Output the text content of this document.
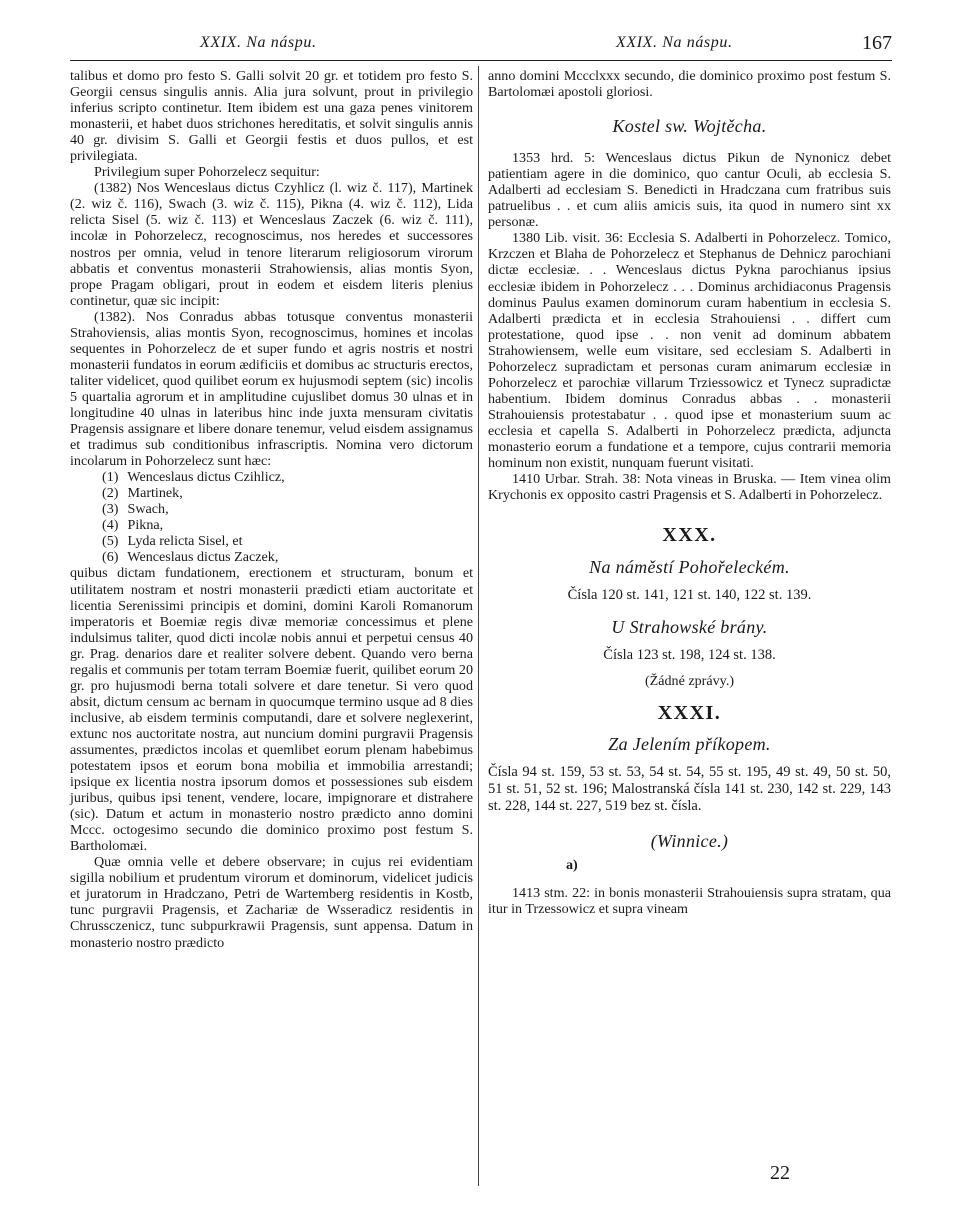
XXIX. Na náspu.	XXIX. Na náspu.	167

talibus et domo pro festo S. Galli solvit 20 gr. et totidem pro festo S. Georgii census singulis annis. Alia jura solvunt, prout in privilegio inferius scripto continetur. Item ibidem est una gaza penes vinitorem monasterii, et habet duos strichones hereditatis, et solvit singulis annis 40 gr. divisim S. Galli et Georgii festis et duos pullos, et est privilegiata.

Privilegium super Pohorzelecz sequitur:

(1382) Nos Wenceslaus dictus Czyhlicz (l. wiz č. 117), Martinek (2. wiz č. 116), Swach (3. wiz č. 115), Pikna (4. wiz č. 112), Lida relicta Sisel (5. wiz č. 113) et Wenceslaus Zaczek (6. wiz č. 111), incolæ in Pohorzelecz, recognoscimus, nos heredes et successores nostros per omnia, velud in tenore literarum religiosorum virorum abbatis et conventus monasterii Strahowiensis, alias montis Syon, prope Pragam obligari, prout in eodem et eisdem literis plenius continetur, quæ sic incipit:

(1382). Nos Conradus abbas totusque conventus monasterii Strahoviensis, alias montis Syon, recognoscimus, homines et incolas sequentes in Pohorzelecz de et super fundo et agris nostris et nostri monasterii fundatos in eorum ædificiis et domibus ac structuris erectos, taliter videlicet, quod quilibet eorum ex hujusmodi septem (sic) incolis 5 quartalia agrorum et in amplitudine cujuslibet domus 30 ulnas et in longitudine 40 ulnas in lateribus hinc inde juxta mensuram civitatis Pragensis assignare et libere donare tenemur, velud eisdem assignamus et tradimus sub conditionibus infrascriptis. Nomina vero dictorum incolarum in Pohorzelecz sunt hæc:

(1) Wenceslaus dictus Czihlicz,

(2) Martinek,

(3) Swach,

(4) Pikna,

(5) Lyda relicta Sisel, et

(6) Wenceslaus dictus Zaczek,

quibus dictam fundationem, erectionem et structuram, bonum et utilitatem nostram et nostri monasterii prædicti etiam auctoritate et licentia Serenissimi principis et domini, domini Karoli Romanorum imperatoris et Boemiæ regis divæ memoriæ concessimus et plene indulsimus taliter, quod dicti incolæ nobis annui et perpetui census 40 gr. Prag. denarios dare et realiter solvere debent. Quando vero berna regalis et communis per totam terram Boemiæ fuerit, quilibet eorum 20 gr. pro hujusmodi berna totali solvere et dare tenetur. Si vero quod absit, dictum censum ac bernam in quocumque termino usque ad 8 dies inclusive, ab eisdem terminis computandi, dare et solvere neglexerint, extunc nos auctoritate nostra, aut nuncium domini purgravii Pragensis assumentes, prædictos incolas et quemlibet eorum plenam habebimus potestatem ipsos et eorum bona mobilia et immobilia arrestandi; ipsique ex licentia nostra ipsorum domos et possessiones sub eisdem juribus, quibus ipsi tenent, vendere, locare, impignorare et distrahere (sic). Datum et actum in monasterio nostro prædicto anno domini Mccc. octogesimo secundo die dominico proximo post festum S. Bartholomæi.

Quæ omnia velle et debere observare; in cujus rei evidentiam sigilla nobilium et prudentum virorum et dominorum, videlicet judicis et juratorum in Hradczano, Petri de Wartemberg residentis in Kostb, tunc purgravii Pragensis, et Zachariæ de Wsseradicz residentis in Chrussczenicz, tunc subpurkrawii Pragensis, sunt appensa. Datum in monasterio nostro prædicto

anno domini Mccclxxx secundo, die dominico proximo post festum S. Bartolomæi apostoli gloriosi.

Kostel sw. Wojtěcha.

1353 hrd. 5: Wenceslaus dictus Pikun de Nynonicz debet patientiam agere in die dominico, quo cantur Oculi, ab ecclesia S. Adalberti ad ecclesiam S. Benedicti in Hradczana cum fratribus suis patruelibus . . et cum aliis amicis suis, ita quod in numero sint xx personæ.

1380 Lib. visit. 36: Ecclesia S. Adalberti in Pohorzelecz. Tomico, Krzczen et Blaha de Pohorzelecz et Stephanus de Dehnicz parochiani dictæ ecclesiæ. . . Wenceslaus dictus Pykna parochianus ipsius ecclesiæ ibidem in Pohorzelecz . . . Dominus archidiaconus Pragensis dominus Paulus examen dominorum curam habentium in ecclesia S. Adalberti prædicta et in ecclesia Strahouiensi . . differt cum protestatione, quod ipse . . non venit ad dominum abbatem Strahowiensem, welle eum visitare, sed ecclesiam S. Adalberti in Pohorzelecz supradictam et personas curam animarum ecclesiæ in Pohorzelecz et parochiæ villarum Trziessowicz et Tynecz supradictæ habentium. Ibidem dominus Conradus abbas . . monasterii Strahouiensis protestabatur . . quod ipse et monasterium suum ac ecclesia et capella S. Adalberti in Pohorzelecz prædicta, adjuncta monasterio eorum a fundatione et a tempore, cujus contrarii memoria hominum non existit, nunquam fuerunt visitati.

1410 Urbar. Strah. 38: Nota vineas in Bruska. — Item vinea olim Krychonis ex opposito castri Pragensis et S. Adalberti in Pohorzelecz.

XXX.

Na náměstí Pohořeleckém.

Čísla 120 st. 141, 121 st. 140, 122 st. 139.

U Strahowské brány.

Čísla 123 st. 198, 124 st. 138.

(Žádné zprávy.)

XXXI.

Za Jelením příkopem.

Čísla 94 st. 159, 53 st. 53, 54 st. 54, 55 st. 195, 49 st. 49, 50 st. 50, 51 st. 51, 52 st. 196; Malostranská čísla 141 st. 230, 142 st. 229, 143 st. 228, 144 st. 227, 519 bez st. čísla.

(Winnice.)

a)

1413 stm. 22: in bonis monasterii Strahouiensis supra stratam, qua itur in Trzessowicz et supra vineam

22
